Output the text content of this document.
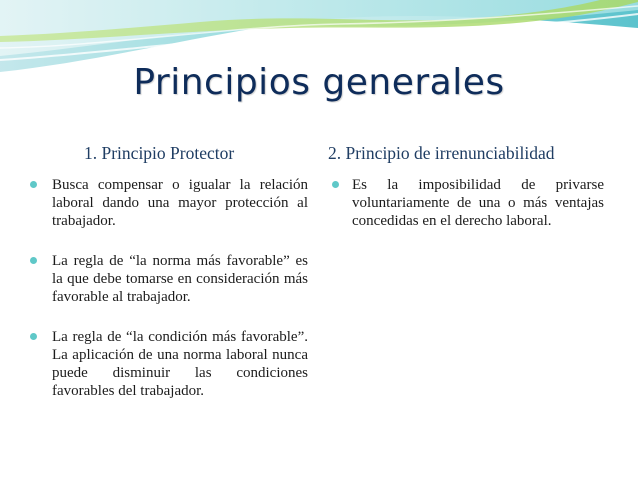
Principios generales
1. Principio Protector
Busca compensar o igualar la relación laboral dando una mayor protección al trabajador.
La regla de “la norma más favorable” es la que debe tomarse en consideración más favorable al trabajador.
La regla de “la condición más favorable”. La aplicación de una norma laboral nunca puede disminuir las condiciones favorables del trabajador.
2. Principio de irrenunciabilidad
Es la imposibilidad de privarse voluntariamente de una o más ventajas concedidas en el derecho laboral.
